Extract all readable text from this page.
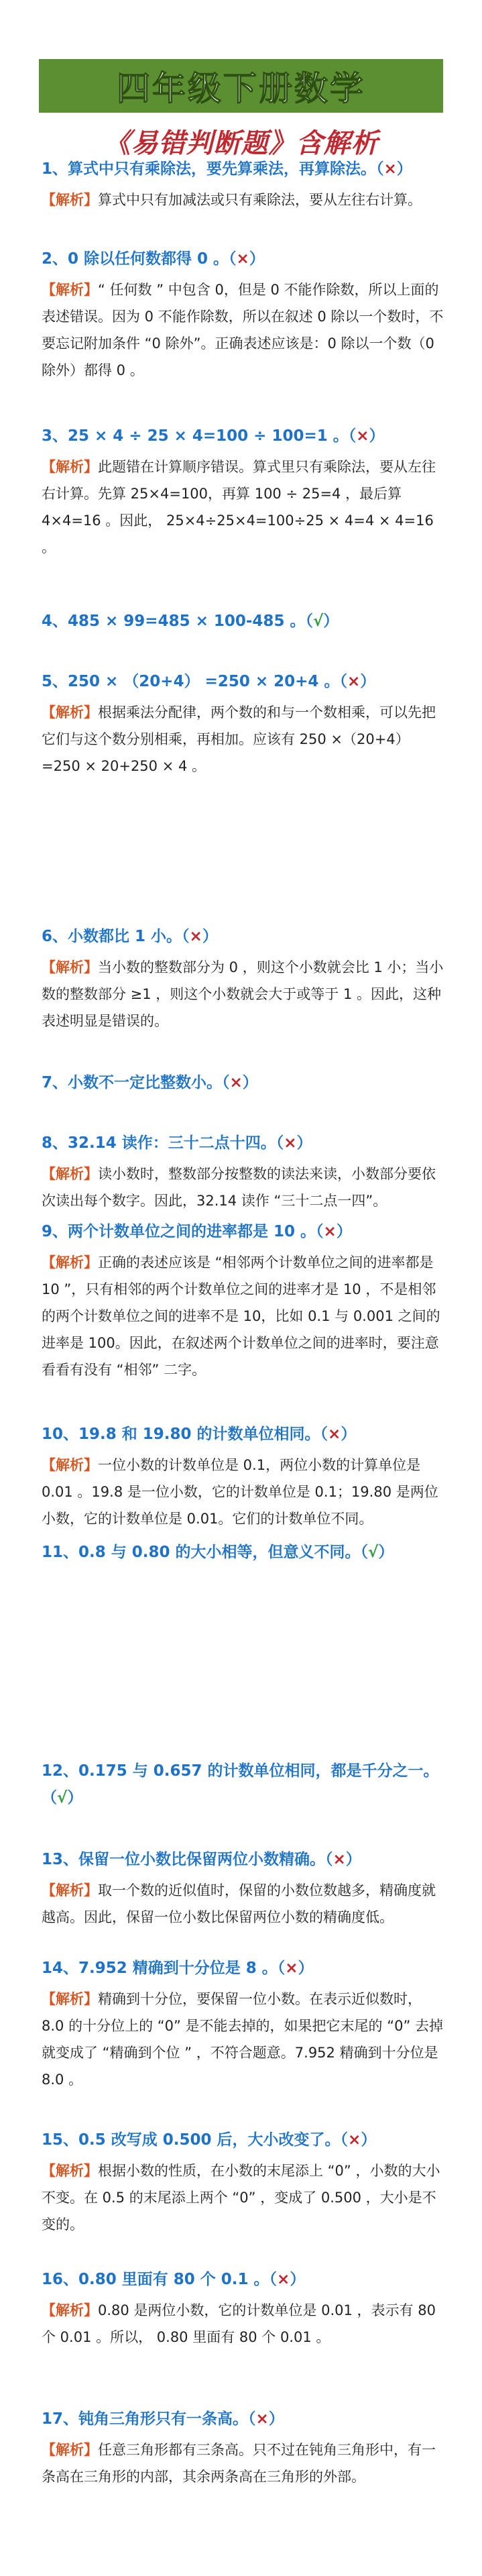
四年级下册数学
《易错判断题》含解析
1、算式中只有乘除法，要先算乘法，再算除法。（×）
【解析】算式中只有加减法或只有乘除法，要从左往右计算。
2、0 除以任何数都得 0 。（×）
【解析】“ 任何数 ” 中包含 0，但是 0 不能作除数，所以上面的表述错误。因为 0 不能作除数，所以在叙述 0 除以一个数时，不要忘记附加条件 “0 除外”。正确表述应该是：0 除以一个数（0 除外）都得 0 。
3、25 × 4 ÷ 25 × 4=100 ÷ 100=1 。（×）
【解析】此题错在计算顺序错误。算式里只有乘除法，要从左往右计算。先算 25×4=100，再算 100 ÷ 25=4 ，最后算 4×4=16 。因此， 25×4÷25×4=100÷25 × 4=4 × 4=16 。
4、485 × 99=485 × 100-485 。（√）
5、250 × （20+4） =250 × 20+4 。（×）
【解析】根据乘法分配律，两个数的和与一个数相乘，可以先把它们与这个数分别相乘，再相加。应该有 250 ×（20+4） =250 × 20+250 × 4 。
6、小数都比 1 小。（×）
【解析】当小数的整数部分为 0 ，则这个小数就会比 1 小；当小数的整数部分 ≥1 ，则这个小数就会大于或等于 1 。因此，这种表述明显是错误的。
7、小数不一定比整数小。（×）
8、32.14 读作：三十二点十四。（×）
【解析】读小数时，整数部分按整数的读法来读，小数部分要依次读出每个数字。因此，32.14 读作 “三十二点一四”。
9、两个计数单位之间的进率都是 10 。（×）
【解析】正确的表述应该是 “相邻两个计数单位之间的进率都是 10 ”，只有相邻的两个计数单位之间的进率才是 10 ，不是相邻的两个计数单位之间的进率不是 10，比如 0.1 与 0.001 之间的进率是 100。因此，在叙述两个计数单位之间的进率时，要注意看看有没有 “相邻” 二字。
10、19.8 和 19.80 的计数单位相同。（×）
【解析】一位小数的计数单位是 0.1，两位小数的计算单位是 0.01 。19.8 是一位小数，它的计数单位是 0.1；19.80 是两位小数，它的计数单位是 0.01。它们的计数单位不同。
11、0.8 与 0.80 的大小相等，但意义不同。（√）
12、0.175 与 0.657 的计数单位相同，都是千分之一。（√）
13、保留一位小数比保留两位小数精确。（×）
【解析】取一个数的近似值时，保留的小数位数越多，精确度就越高。因此，保留一位小数比保留两位小数的精确度低。
14、7.952 精确到十分位是 8 。（×）
【解析】精确到十分位，要保留一位小数。在表示近似数时，8.0 的十分位上的 “0” 是不能去掉的，如果把它末尾的 “0” 去掉就变成了 “精确到个位 ” ，不符合题意。7.952 精确到十分位是 8.0 。
15、0.5 改写成 0.500 后，大小改变了。（×）
【解析】根据小数的性质，在小数的末尾添上 “0” ，小数的大小不变。在 0.5 的末尾添上两个 “0” ，变成了 0.500 ，大小是不变的。
16、0.80 里面有 80 个 0.1 。（×）
【解析】0.80 是两位小数，它的计数单位是 0.01 ，表示有 80 个 0.01 。所以， 0.80 里面有 80 个 0.01 。
17、钝角三角形只有一条高。（×）
【解析】任意三角形都有三条高。只不过在钝角三角形中，有一条高在三角形的内部，其余两条高在三角形的外部。
